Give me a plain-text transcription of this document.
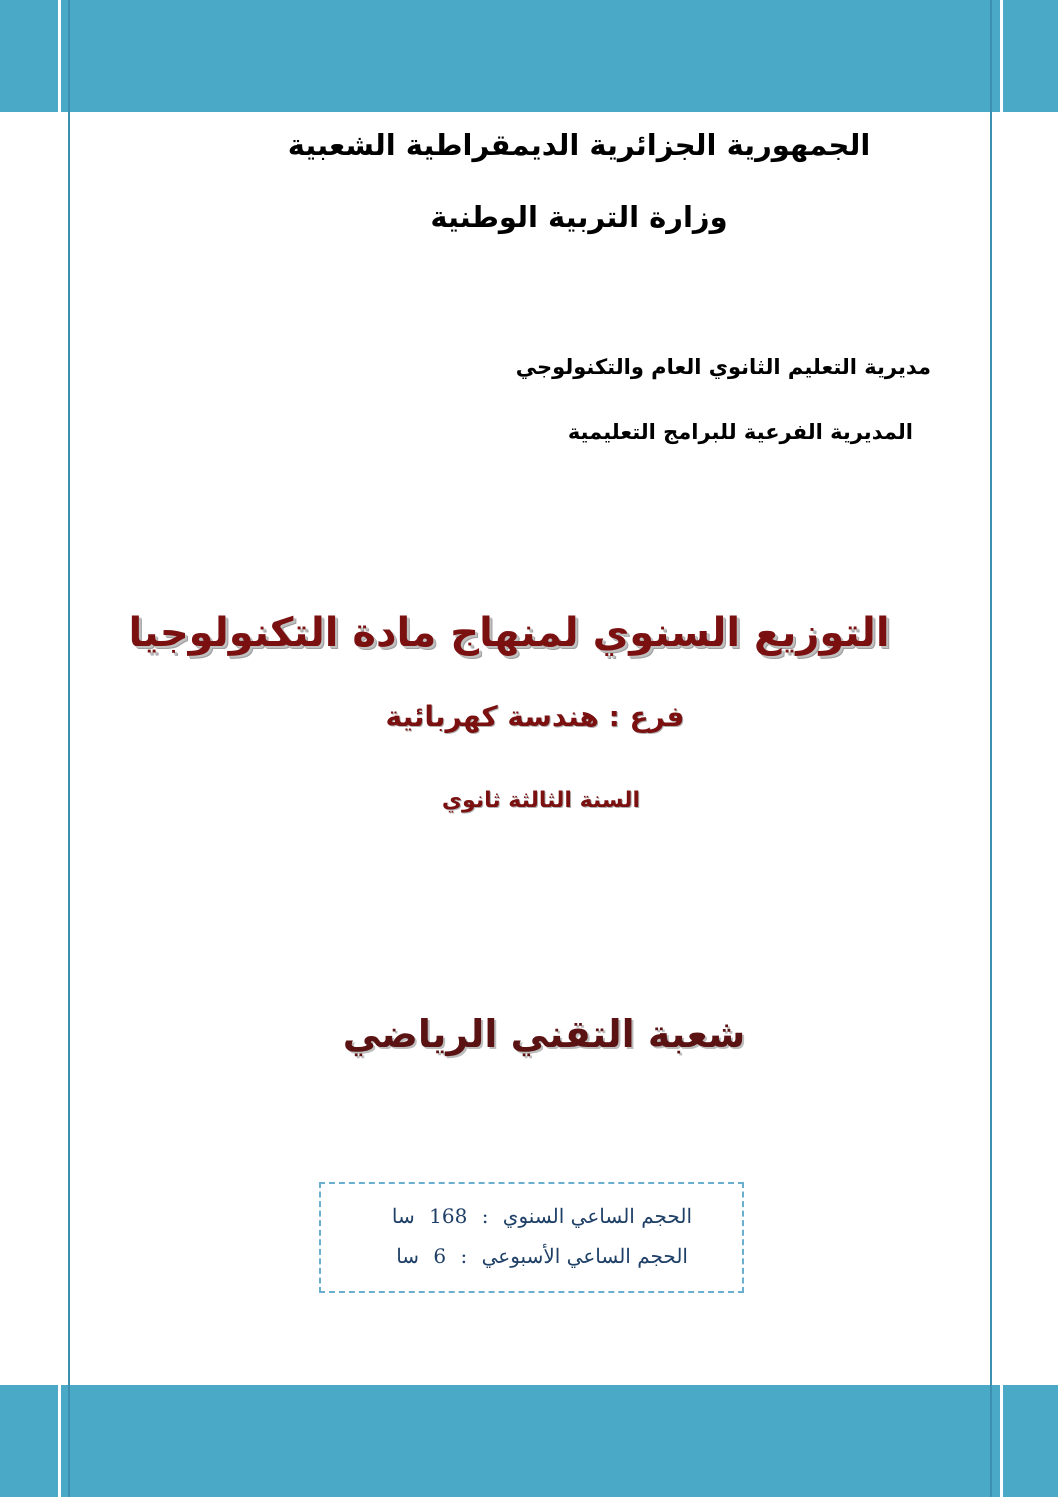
الجمهورية الجزائرية الديمقراطية الشعبية
وزارة التربية الوطنية
مديرية التعليم الثانوي العام والتكنولوجي
المديرية الفرعية للبرامج التعليمية
التوزيع السنوي لمنهاج مادة التكنولوجيا
فرع : هندسة كهربائية
السنة الثالثة ثانوي
شعبة التقني الرياضي
الحجم الساعي السنوي : 168 سا
الحجم الساعي الأسبوعي : 6 سا
